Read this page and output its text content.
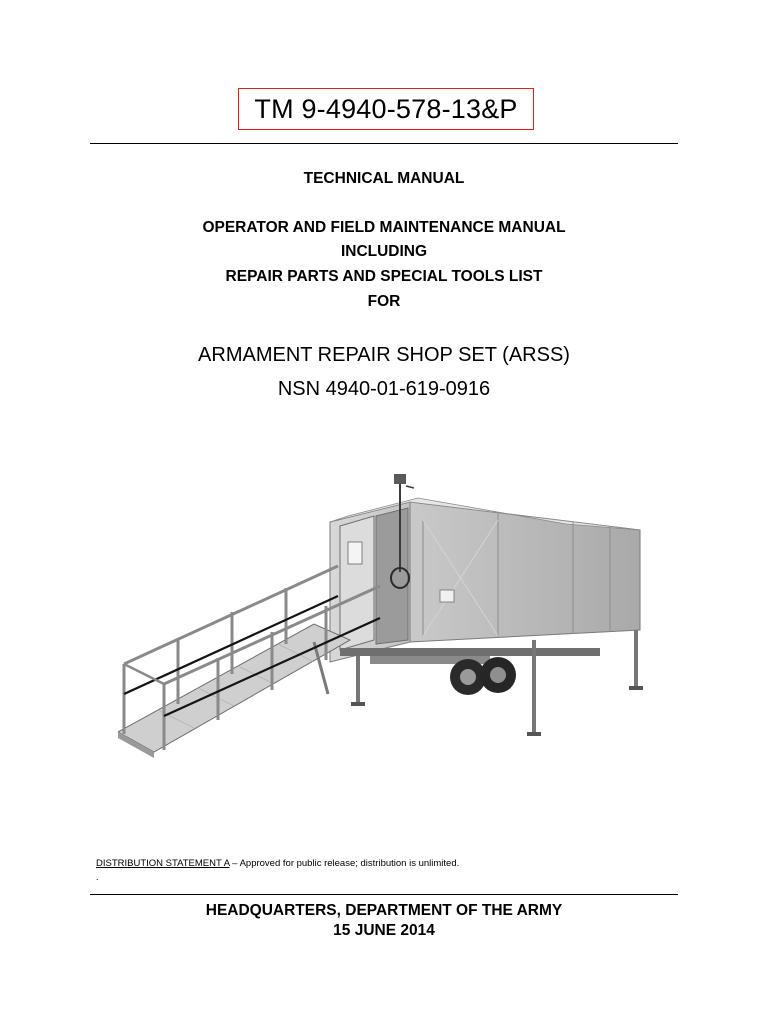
TM 9-4940-578-13&P
TECHNICAL MANUAL
OPERATOR AND FIELD MAINTENANCE MANUAL
INCLUDING
REPAIR PARTS AND SPECIAL TOOLS LIST
FOR
ARMAMENT REPAIR SHOP SET (ARSS)
NSN 4940-01-619-0916
DISTRIBUTION STATEMENT A – Approved for public release; distribution is unlimited.
.
HEADQUARTERS, DEPARTMENT OF THE ARMY
15 JUNE 2014
